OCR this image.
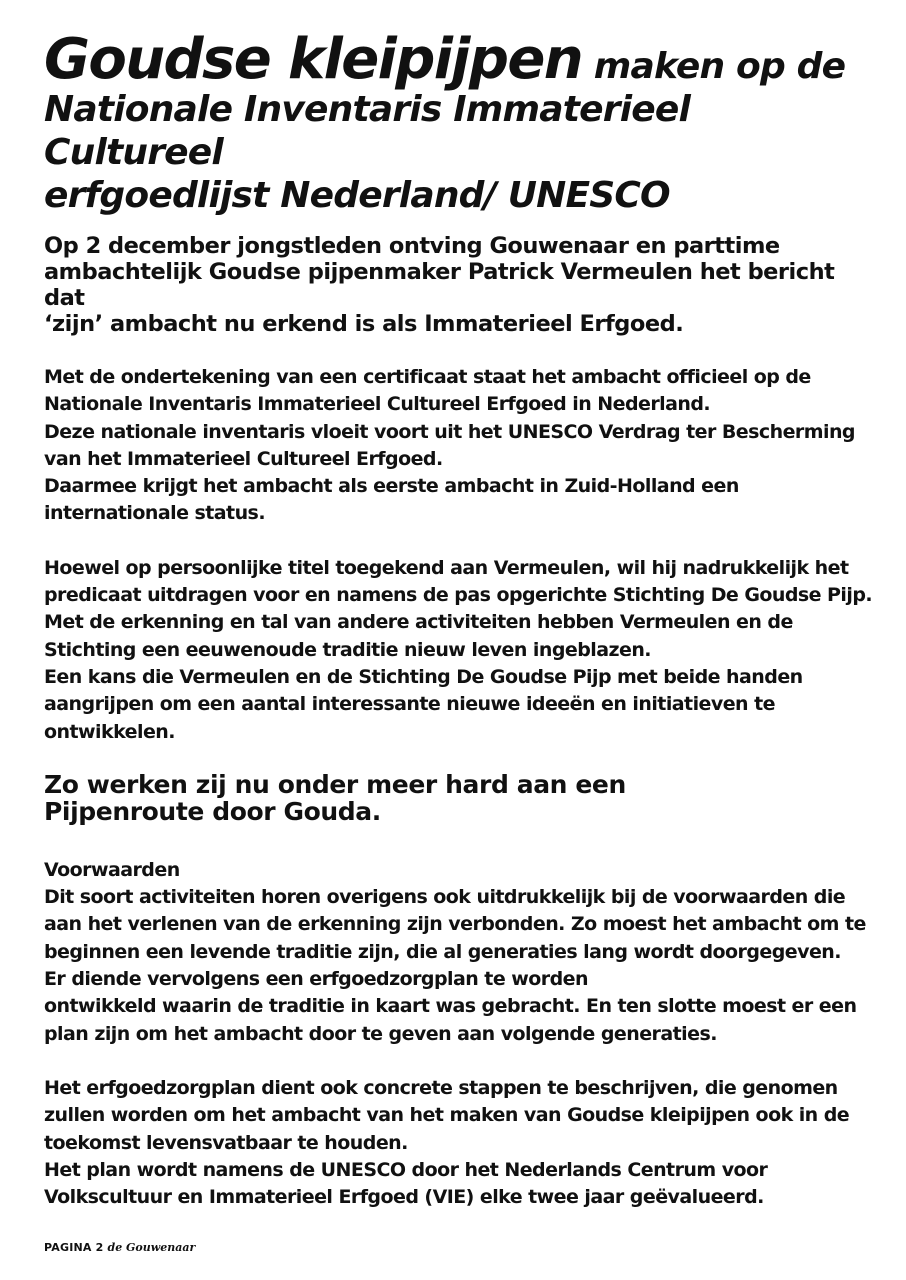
Goudse kleipijpen maken op de
Nationale Inventaris Immaterieel Cultureel
erfgoedlijst Nederland/ UNESCO
Op 2 december jongstleden ontving Gouwenaar en parttime
ambachtelijk Goudse pijpenmaker Patrick Vermeulen het bericht dat
‘zijn’ ambacht nu erkend is als Immaterieel Erfgoed.

Met de ondertekening van een certificaat staat het ambacht officieel op de

Nationale Inventaris Immaterieel Cultureel Erfgoed in Nederland.

Deze nationale inventaris vloeit voort uit het UNESCO Verdrag ter Bescherming

van het Immaterieel Cultureel Erfgoed.

Daarmee krijgt het ambacht als eerste ambacht in Zuid-Holland een

internationale status.

Hoewel op persoonlijke titel toegekend aan Vermeulen, wil hij nadrukkelijk het

predicaat uitdragen voor en namens de pas opgerichte Stichting De Goudse Pijp.

Met de erkenning en tal van andere activiteiten hebben Vermeulen en de

Stichting een eeuwenoude traditie nieuw leven ingeblazen.

Een kans die Vermeulen en de Stichting De Goudse Pijp met beide handen

aangrijpen om een aantal interessante nieuwe ideeën en initiatieven te

ontwikkelen.

Zo werken zij nu onder meer hard aan een
Pijpenroute door Gouda.

Voorwaarden

Dit soort activiteiten horen overigens ook uitdrukkelijk bij de voorwaarden die

aan het verlenen van de erkenning zijn verbonden. Zo moest het ambacht om te

beginnen een levende traditie zijn, die al generaties lang wordt doorgegeven.

Er diende vervolgens een erfgoedzorgplan te worden

ontwikkeld waarin de traditie in kaart was gebracht. En ten slotte moest er een

plan zijn om het ambacht door te geven aan volgende generaties.

Het erfgoedzorgplan dient ook concrete stappen te beschrijven, die genomen

zullen worden om het ambacht van het maken van Goudse kleipijpen ook in de

toekomst levensvatbaar te houden.

Het plan wordt namens de UNESCO door het Nederlands Centrum voor

Volkscultuur en Immaterieel Erfgoed (VIE) elke twee jaar geëvalueerd.

PAGINA 2 de Gouwenaar
